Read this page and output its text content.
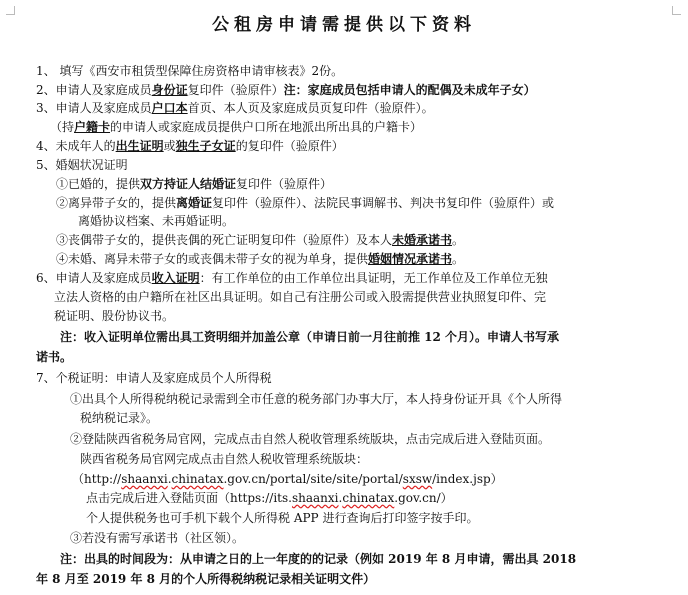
公租房申请需提供以下资料
1、 填写《西安市租赁型保障住房资格申请审核表》2份。
2、申请人及家庭成员身份证复印件（验原件）注：家庭成员包括申请人的配偶及未成年子女）
3、申请人及家庭成员户口本首页、本人页及家庭成员页复印件（验原件）。
（持户籍卡的申请人或家庭成员提供户口所在地派出所出具的户籍卡）
4、未成年人的出生证明或独生子女证的复印件（验原件）
5、婚姻状况证明
①已婚的，提供双方持证人结婚证复印件（验原件）
②离异带子女的，提供离婚证复印件（验原件）、法院民事调解书、判决书复印件（验原件）或
离婚协议档案、未再婚证明。
③丧偶带子女的，提供丧偶的死亡证明复印件（验原件）及本人未婚承诺书。
④未婚、离异未带子女的或丧偶未带子女的视为单身，提供婚姻情况承诺书。
6、申请人及家庭成员收入证明：有工作单位的由工作单位出具证明，无工作单位及工作单位无独
立法人资格的由户籍所在社区出具证明。如自己有注册公司或入股需提供营业执照复印件、完
税证明、股份协议书。
注：收入证明单位需出具工资明细并加盖公章（申请日前一月往前推 12 个月）。申请人书写承
诺书。
7、个税证明：申请人及家庭成员个人所得税
①出具个人所得税纳税记录需到全市任意的税务部门办事大厅，本人持身份证开具《个人所得
税纳税记录》。
②登陆陕西省税务局官网，完成点击自然人税收管理系统版块，点击完成后进入登陆页面。
陕西省税务局官网完成点击自然人税收管理系统版块：
（http://shaanxi.chinatax.gov.cn/portal/site/site/portal/sxsw/index.jsp）
点击完成后进入登陆页面（https://its.shaanxi.chinatax.gov.cn/）
个人提供税务也可手机下载个人所得税 APP 进行查询后打印签字按手印。
③若没有需写承诺书（社区领）。
注：出具的时间段为：从申请之日的上一年度的的记录（例如 2019 年 8 月申请，需出具 2018
年 8 月至 2019 年 8 月的个人所得税纳税记录相关证明文件）
